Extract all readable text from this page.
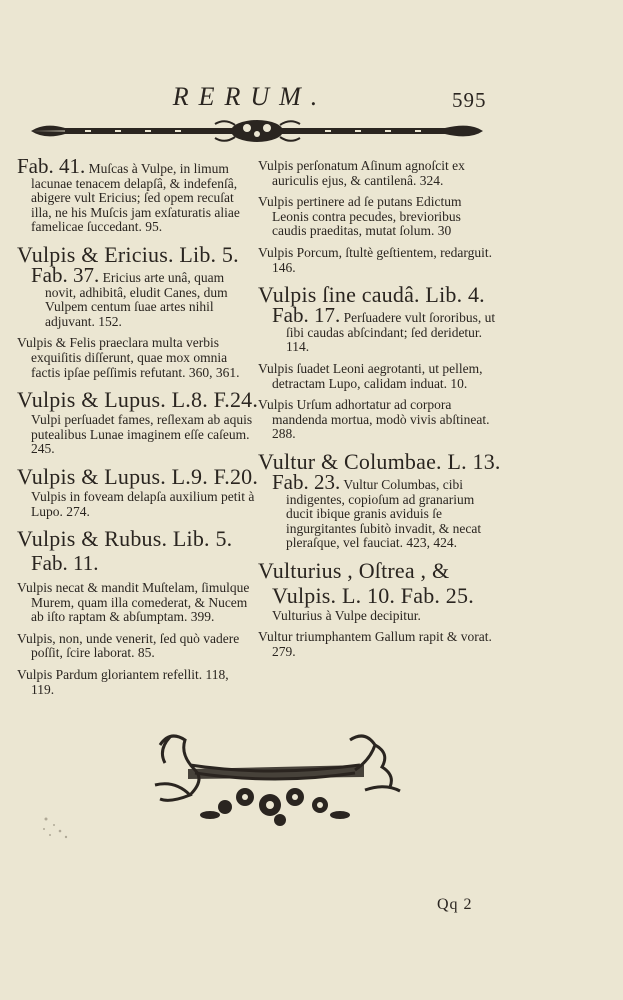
RERUM.	595

Fab. 41. Muſcas à Vulpe, in limum lacunae tenacem delapſâ, & indefenſâ, abigere vult Ericius; ſed opem recuſat illa, ne his Muſcis jam exſaturatis aliae famelicae ſuccedant. 95.

Vulpis & Ericius. Lib. 5.

Fab. 37. Ericius arte unâ, quam novit, adhibitâ, eludit Canes, dum Vulpem centum ſuae artes nihil adjuvant. 152.

Vulpis & Felis praeclara multa verbis exquiſitis diſſerunt, quae mox omnia factis ipſae peſſimis refutant. 360, 361.

Vulpis & Lupus. L.8. F.24.

Vulpi perſuadet fames, reſlexam ab aquis putealibus Lunae imaginem eſſe caſeum. 245.

Vulpis & Lupus. L.9. F.20.

Vulpis in foveam delapſa auxilium petit à Lupo. 274.

Vulpis & Rubus. Lib. 5.

Fab. 11.

Vulpis necat & mandit Muſtelam, ſimulque Murem, quam illa comederat, & Nucem ab iſto raptam & abſumptam. 399.

Vulpis, non, unde venerit, ſed quò vadere poſſit, ſcire laborat. 85.

Vulpis Pardum gloriantem refellit. 118, 119.

Vulpis perſonatum Aſinum agnoſcit ex auriculis ejus, & cantilenâ. 324.

Vulpis pertinere ad ſe putans Edictum Leonis contra pecudes, brevioribus caudis praeditas, mutat ſolum. 30

Vulpis Porcum, ſtultè geſtientem, redarguit. 146.

Vulpis ſine caudâ. Lib. 4.

Fab. 17. Perſuadere vult ſororibus, ut ſibi caudas abſcindant; ſed deridetur. 114.

Vulpis ſuadet Leoni aegrotanti, ut pellem, detractam Lupo, calidam induat. 10.

Vulpis Urſum adhortatur ad corpora mandenda mortua, modò vivis abſtineat. 288.

Vultur & Columbae. L. 13.

Fab. 23. Vultur Columbas, cibi indigentes, copioſum ad granarium ducit ibique granis aviduis ſe ingurgitantes ſubitò invadit, & necat pleraſque, vel fauciat. 423, 424.

Vulturius , Oſtrea , &

Vulpis. L. 10. Fab. 25.

Vulturius à Vulpe decipitur.

Vultur triumphantem Gallum rapit & vorat. 279.

Qq 2
